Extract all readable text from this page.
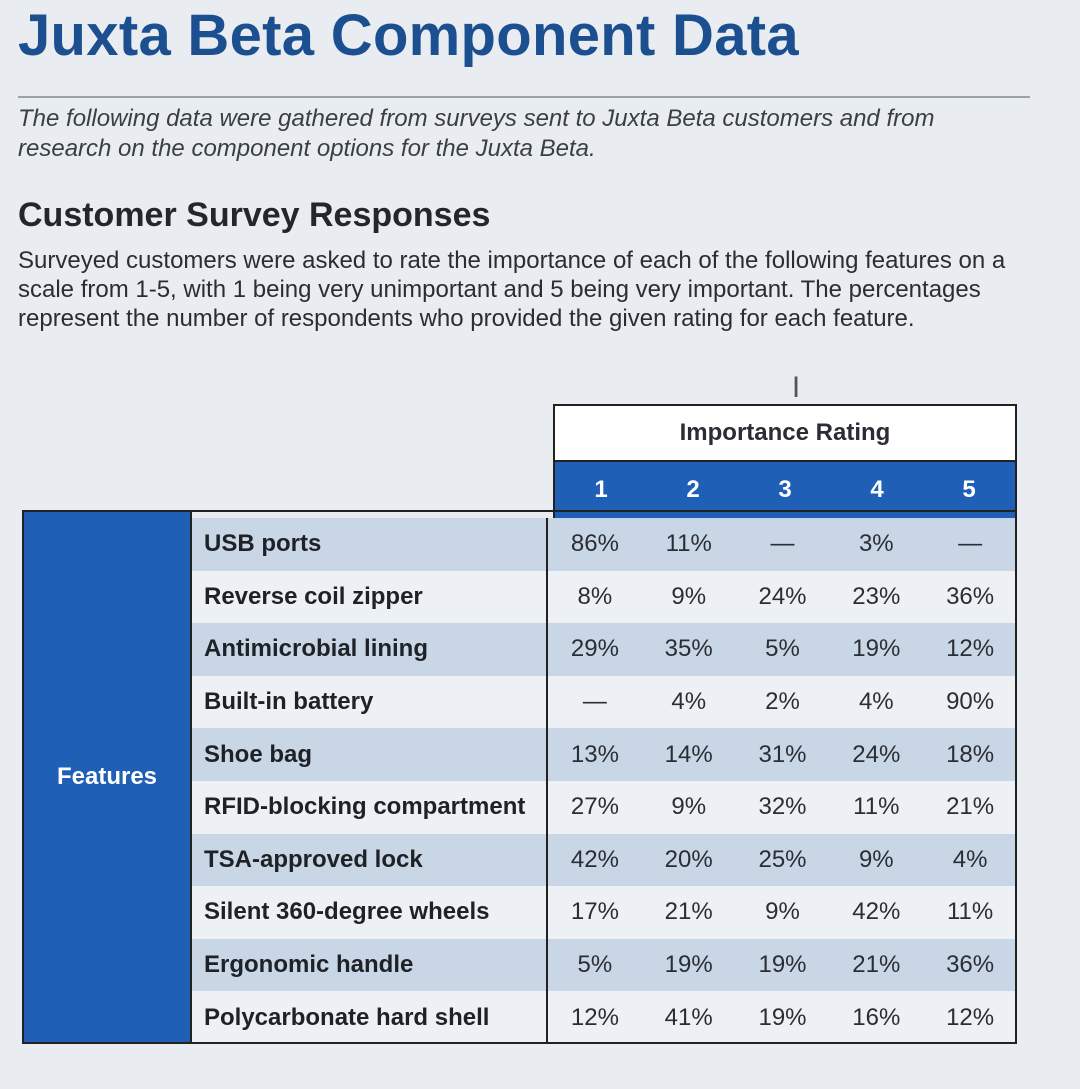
Juxta Beta Component Data
The following data were gathered from surveys sent to Juxta Beta customers and from research on the component options for the Juxta Beta.
Customer Survey Responses
Surveyed customers were asked to rate the importance of each of the following features on a scale from 1-5, with 1 being very unimportant and 5 being very important. The percentages represent the number of respondents who provided the given rating for each feature.
I
Importance Rating
1	2	3	4	5
Features
USB ports	86%	11%	—	3%	—
Reverse coil zipper	8%	9%	24%	23%	36%
Antimicrobial lining	29%	35%	5%	19%	12%
Built-in battery	—	4%	2%	4%	90%
Shoe bag	13%	14%	31%	24%	18%
RFID-blocking compartment	27%	9%	32%	11%	21%
TSA-approved lock	42%	20%	25%	9%	4%
Silent 360-degree wheels	17%	21%	9%	42%	11%
Ergonomic handle	5%	19%	19%	21%	36%
Polycarbonate hard shell	12%	41%	19%	16%	12%
